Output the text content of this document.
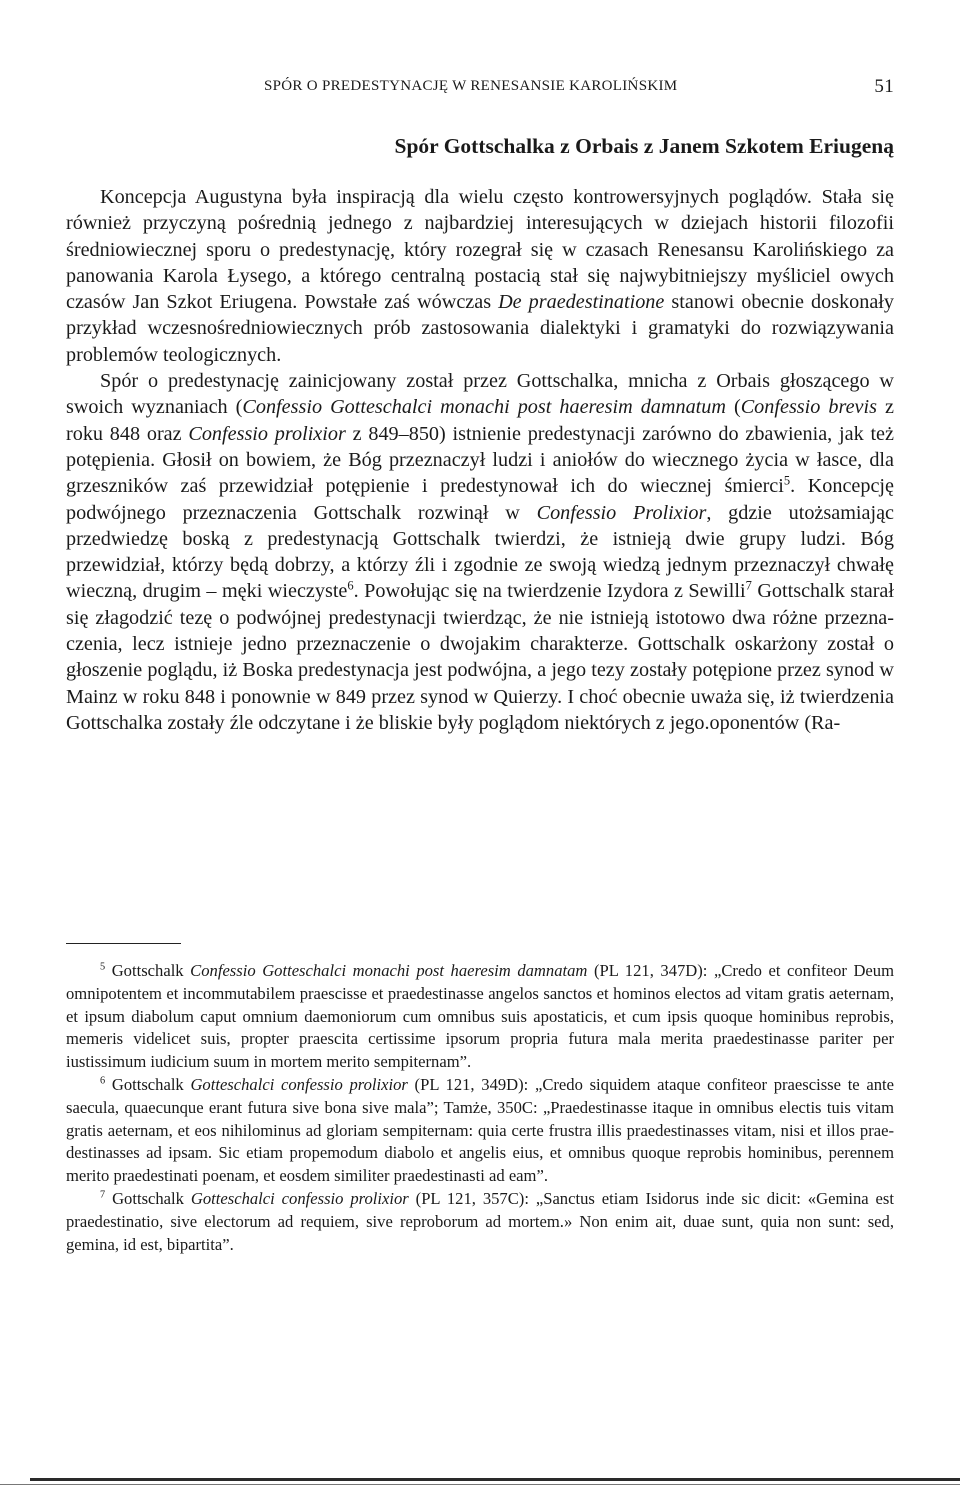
SPÓR O PREDESTYNACJĘ W RENESANSIE KAROLIŃSKIM	51
Spór Gottschalka z Orbais z Janem Szkotem Eriugeną

Koncepcja Augustyna była inspiracją dla wielu często kontrowersyjnych poglądów. Stała się również przyczyną pośrednią jednego z najbardziej interesujących w dziejach historii filozofii średniowiecznej sporu o predestynację, który rozegrał się w czasach Renesansu Karolińskiego za panowania Karola Łysego, a którego centralną postacią stał się najwybitniejszy myśliciel owych czasów Jan Szkot Eriugena. Powstałe zaś wówczas De praedestinatione stanowi obecnie doskonały przykład wczesnośredniowiecznych prób zastosowania dialektyki i gramatyki do rozwiązywania problemów teologicznych.

Spór o predestynację zainicjowany został przez Gottschalka, mnicha z Orbais głoszącego w swoich wyznaniach (Confessio Gotteschalci monachi post haeresim damnatum (Confessio brevis z roku 848 oraz Confessio prolixior z 849–850) istnienie predestynacji zarówno do zbawienia, jak też potępienia. Głosił on bowiem, że Bóg przeznaczył ludzi i aniołów do wiecznego życia w łasce, dla grzeszników zaś przewidział potępienie i predestynował ich do wiecznej śmierci$^5$. Koncepcję podwójnego przeznaczenia Gottschalk rozwinął w Confessio Prolixior, gdzie utożsamiając przedwiedzę boską z predestynacją Gottschalk twierdzi, że istnieją dwie grupy ludzi. Bóg przewidział, którzy będą dobrzy, a którzy źli i zgodnie ze swoją wiedzą jednym przeznaczył chwałę wieczną, drugim – męki wieczyste$^6$. Powołując się na twierdzenie Izydora z Sewilli$^7$ Gottschalk starał się złagodzić tezę o podwójnej predestynacji twierdząc, że nie istnieją istotowo dwa różne przeznaczenia, lecz istnieje jedno przeznaczenie o dwojakim charakterze. Gottschalk oskarżony został o głoszenie poglądu, iż Boska predestynacja jest podwójna, a jego tezy zostały potępione przez synod w Mainz w roku 848 i ponownie w 849 przez synod w Quierzy. I choć obecnie uważa się, iż twierdzenia Gottschalka zostały źle odczytane i że bliskie były poglądom niektórych z jego.oponentów (Ra-

$^5$ Gottschalk Confessio Gotteschalci monachi post haeresim damnatam (PL 121, 347D): „Credo et confiteor Deum omnipotentem et incommutabilem praescisse et praedestinasse angelos sanctos et hominos electos ad vitam gratis aeternam, et ipsum diabolum caput omnium daemoniorum cum omnibus suis apostaticis, et cum ipsis quoque hominibus reprobis, memeris videlicet suis, propter praescita certissime ipsorum propria futura mala merita praedestinasse pariter per iustissimum iudicium suum in mortem merito sempiternam”.

$^6$ Gottschalk Gotteschalci confessio prolixior (PL 121, 349D): „Credo siquidem ataque confiteor praescisse te ante saecula, quaecunque erant futura sive bona sive mala”; Tamże, 350C: „Praedestinasse itaque in omnibus electis tuis vitam gratis aeternam, et eos nihilominus ad gloriam sempiternam: quia certe frustra illis praedestinasses vitam, nisi et illos praedestinasses ad ipsam. Sic etiam propemodum diabolo et angelis eius, et omnibus quoque reprobis hominibus, perennem merito praedestinati poenam, et eosdem similiter praedestinasti ad eam”.

$^7$ Gottschalk Gotteschalci confessio prolixior (PL 121, 357C): „Sanctus etiam Isidorus inde sic dicit: «Gemina est praedestinatio, sive electorum ad requiem, sive reproborum ad mortem.» Non enim ait, duae sunt, quia non sunt: sed, gemina, id est, bipartita”.
